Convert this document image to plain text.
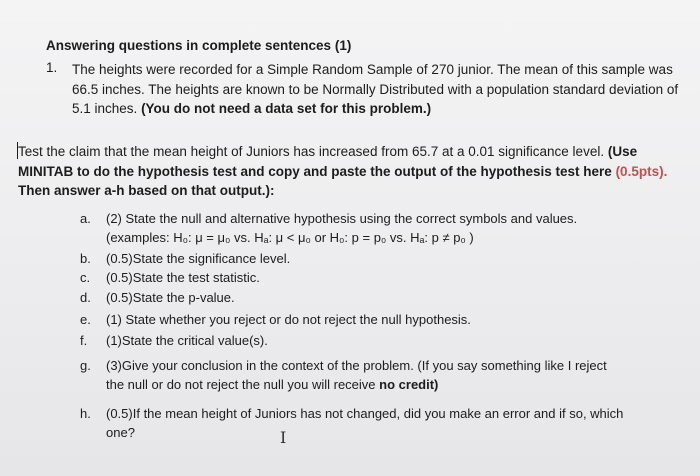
Answering questions in complete sentences (1)
1. The heights were recorded for a Simple Random Sample of 270 junior. The mean of this sample was 66.5 inches. The heights are known to be Normally Distributed with a population standard deviation of 5.1 inches. (You do not need a data set for this problem.)
Test the claim that the mean height of Juniors has increased from 65.7 at a 0.01 significance level. (Use MINITAB to do the hypothesis test and copy and paste the output of the hypothesis test here (0.5pts). Then answer a-h based on that output.):
a. (2) State the null and alternative hypothesis using the correct symbols and values.
(examples: H₀: μ = μ₀ vs. Hₐ: μ < μ₀ or H₀: p = p₀ vs. Hₐ: p ≠ p₀ )
b. (0.5)State the significance level.
c. (0.5)State the test statistic.
d. (0.5)State the p-value.
e. (1) State whether you reject or do not reject the null hypothesis.
f. (1)State the critical value(s).
g. (3)Give your conclusion in the context of the problem. (If you say something like I reject
the null or do not reject the null you will receive no credit)
h. (0.5)If the mean height of Juniors has not changed, did you make an error and if so, which
one?	I
